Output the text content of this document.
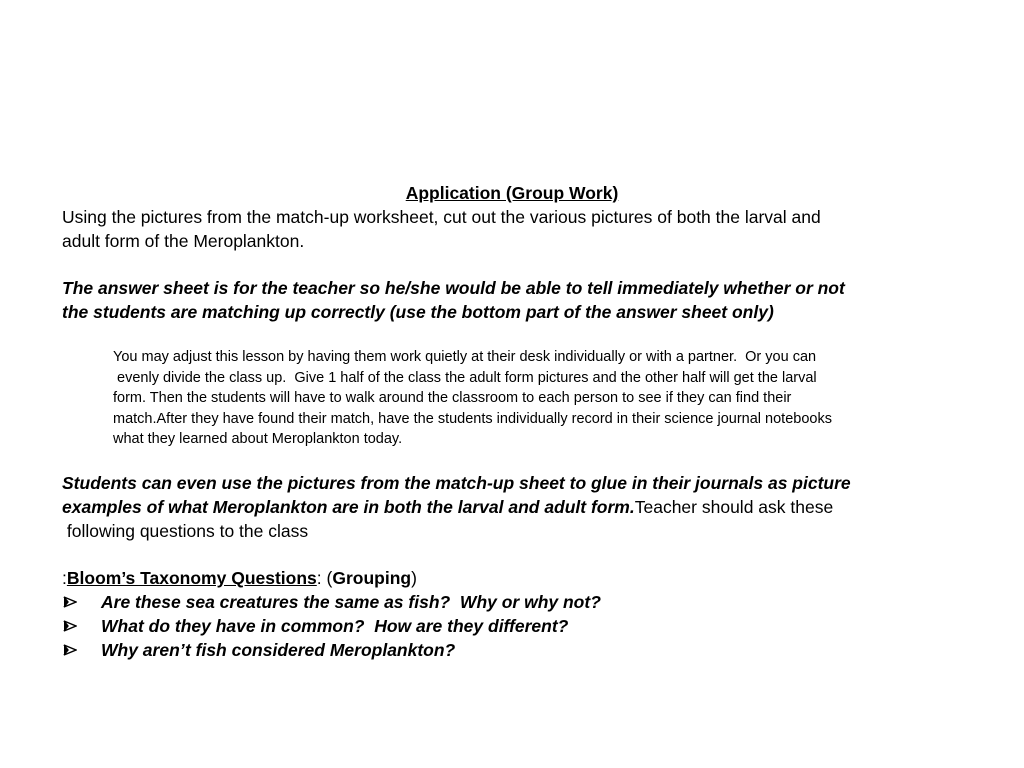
Application (Group Work)

Using the pictures from the match-up worksheet, cut out the various pictures of both the larval and
adult form of the Meroplankton.

The answer sheet is for the teacher so he/she would be able to tell immediately whether or not
the students are matching up correctly (use the bottom part of the answer sheet only)

You may adjust this lesson by having them work quietly at their desk individually or with a partner.  Or you can
evenly divide the class up.  Give 1 half of the class the adult form pictures and the other half will get the larval
form. Then the students will have to walk around the classroom to each person to see if they can find their
match.After they have found their match, have the students individually record in their science journal notebooks
what they learned about Meroplankton today.

Students can even use the pictures from the match-up sheet to glue in their journals as picture
examples of what Meroplankton are in both the larval and adult form.Teacher should ask these
following questions to the class

:Bloom’s Taxonomy Questions: (Grouping)

Are these sea creatures the same as fish?  Why or why not?

What do they have in common?  How are they different?

Why aren’t fish considered Meroplankton?
